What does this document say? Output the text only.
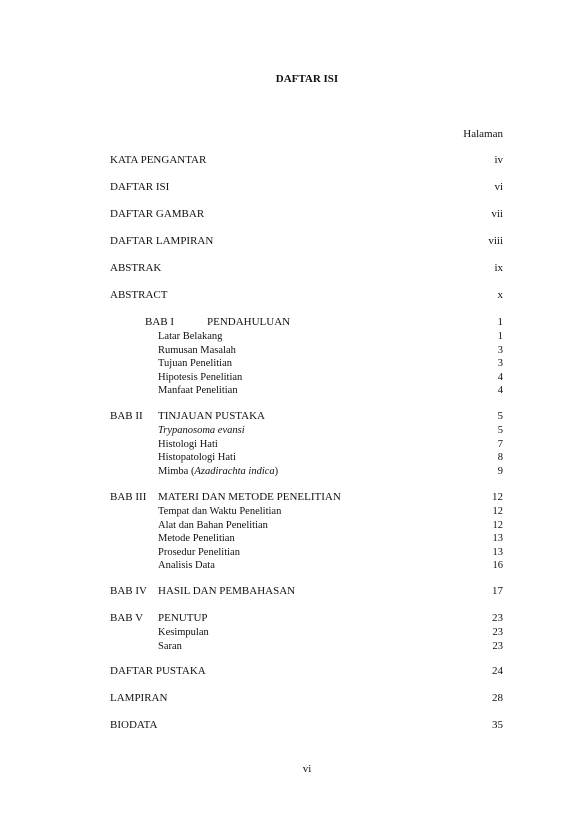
DAFTAR ISI
Halaman
KATA PENGANTAR	iv
DAFTAR ISI	vi
DAFTAR GAMBAR	vii
DAFTAR LAMPIRAN	viii
ABSTRAK	ix
ABSTRACT	x
BAB I	PENDAHULUAN	1
Latar Belakang	1
Rumusan Masalah	3
Tujuan Penelitian	3
Hipotesis Penelitian	4
Manfaat Penelitian	4
BAB II TINJAUAN PUSTAKA	5
Trypanosoma evansi	5
Histologi Hati	7
Histopatologi Hati	8
Mimba (Azadirachta indica)	9
BAB III MATERI DAN METODE PENELITIAN	12
Tempat dan Waktu Penelitian	12
Alat dan Bahan Penelitian	12
Metode Penelitian	13
Prosedur Penelitian	13
Analisis Data	16
BAB IV HASIL DAN PEMBAHASAN	17
BAB V PENUTUP	23
Kesimpulan	23
Saran	23
DAFTAR PUSTAKA	24
LAMPIRAN	28
BIODATA	35
vi
